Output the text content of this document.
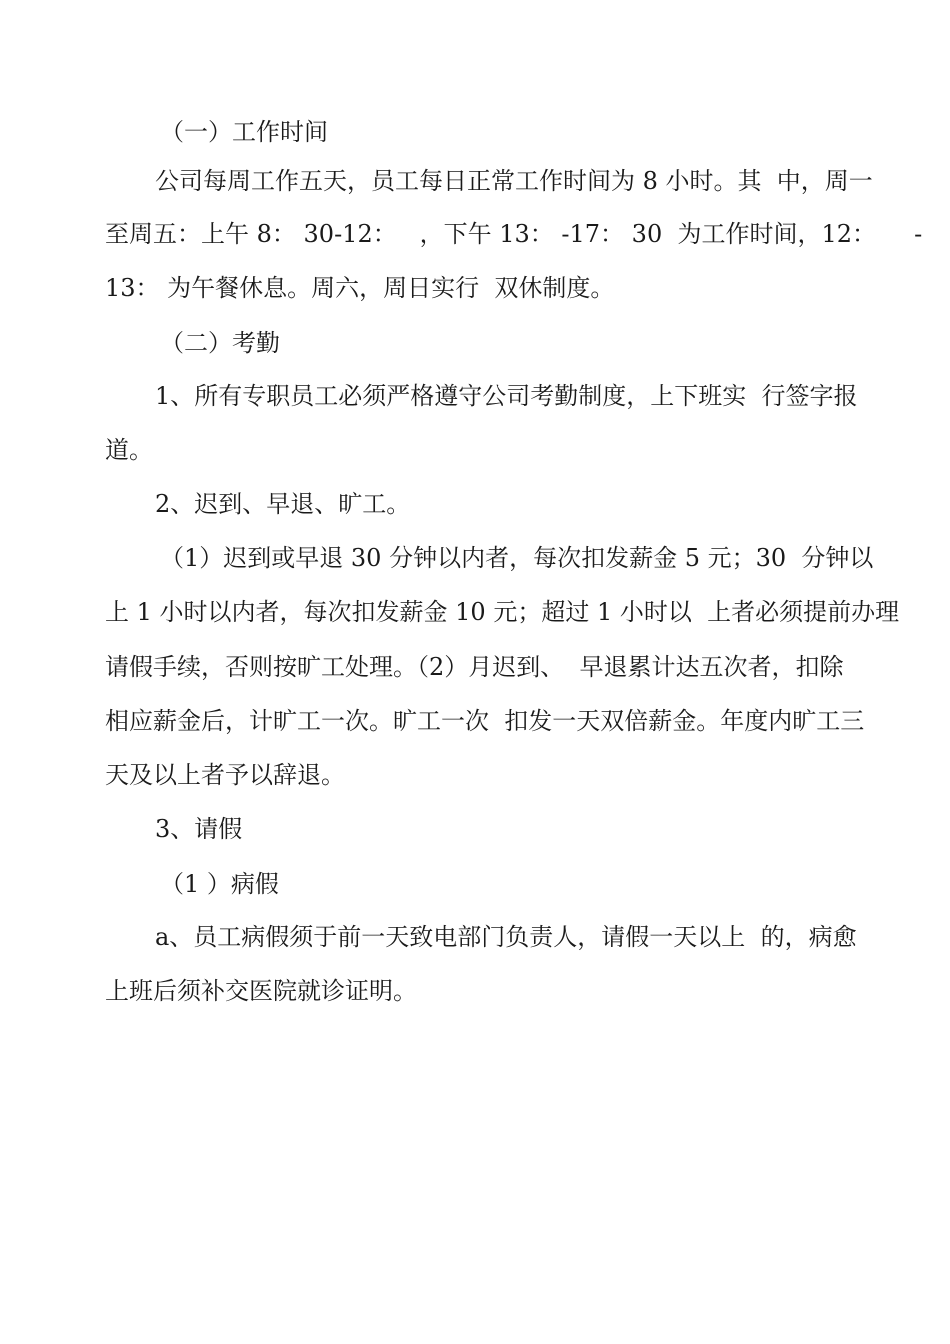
（一）工作时间
公司每周工作五天，员工每日正常工作时间为 8 小时。其  中，周一
至周五：上午 8： 30-12：   ，下午 13： -17： 30  为工作时间，12：     -
13： 为午餐休息。周六，周日实行  双休制度。
（二）考勤
1、所有专职员工必须严格遵守公司考勤制度，上下班实  行签字报
道。
2、迟到、早退、旷工。
（1）迟到或早退 30 分钟以内者，每次扣发薪金 5 元；30  分钟以
上 1 小时以内者，每次扣发薪金 10 元；超过 1 小时以  上者必须提前办理
请假手续，否则按旷工处理。（2）月迟到、  早退累计达五次者，扣除
相应薪金后，计旷工一次。旷工一次  扣发一天双倍薪金。年度内旷工三
天及以上者予以辞退。
3、请假
（1 ）病假
a、员工病假须于前一天致电部门负责人，请假一天以上  的，病愈
上班后须补交医院就诊证明。
